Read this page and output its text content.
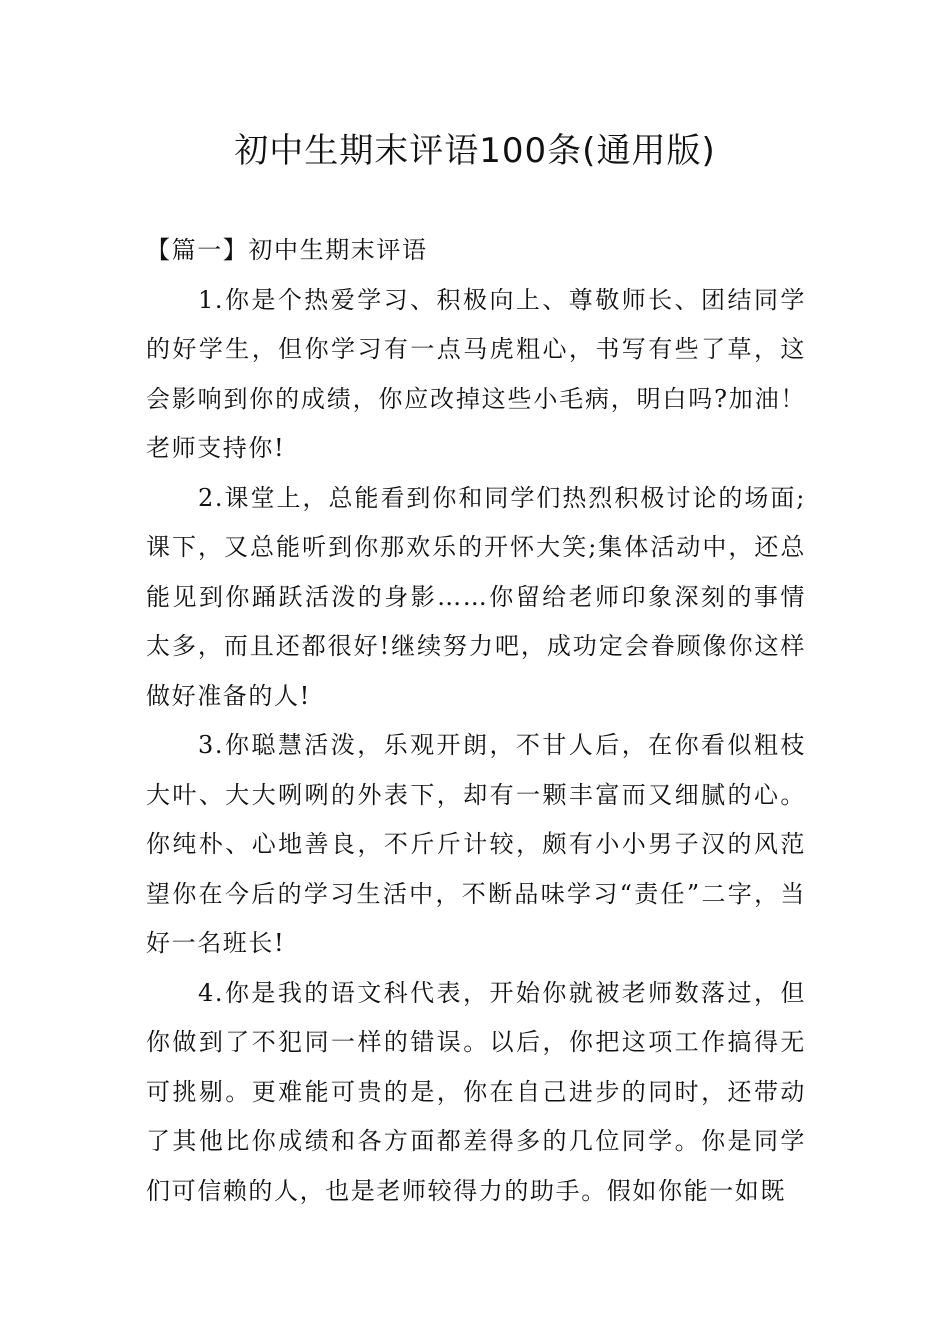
初中生期末评语100条(通用版)
【篇一】初中生期末评语

1.你是个热爱学习、积极向上、尊敬师长、团结同学的好学生，但你学习有一点马虎粗心，书写有些了草，这会影响到你的成绩，你应改掉这些小毛病，明白吗?加油！老师支持你!

2.课堂上，总能看到你和同学们热烈积极讨论的场面;课下，又总能听到你那欢乐的开怀大笑;集体活动中，还总能见到你踊跃活泼的身影……你留给老师印象深刻的事情太多，而且还都很好!继续努力吧，成功定会眷顾像你这样做好准备的人!

3.你聪慧活泼，乐观开朗，不甘人后，在你看似粗枝大叶、大大咧咧的外表下，却有一颗丰富而又细腻的心。你纯朴、心地善良，不斤斤计较，颇有小小男子汉的风范望你在今后的学习生活中，不断品味学习“责任”二字，当好一名班长!

4.你是我的语文科代表，开始你就被老师数落过，但你做到了不犯同一样的错误。以后，你把这项工作搞得无可挑剔。更难能可贵的是，你在自己进步的同时，还带动了其他比你成绩和各方面都差得多的几位同学。你是同学们可信赖的人，也是老师较得力的助手。假如你能一如既
